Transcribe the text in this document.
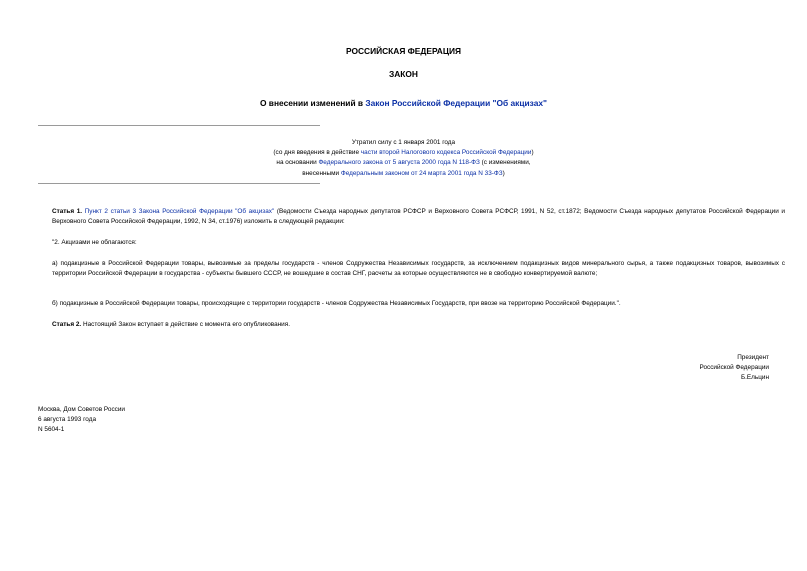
РОССИЙСКАЯ ФЕДЕРАЦИЯ
ЗАКОН
О внесении изменений в Закон Российской Федерации "Об акцизах"
Утратил силу с 1 января 2001 года
(со дня введения в действие части второй Налогового кодекса Российской Федерации)
на основании Федерального закона от 5 августа 2000 года N 118-ФЗ (с изменениями,
внесенными Федеральным законом от 24 марта 2001 года N 33-ФЗ)
Статья 1. Пункт 2 статьи 3 Закона Российской Федерации "Об акцизах" (Ведомости Съезда народных депутатов РСФСР и Верховного Совета РСФСР, 1991, N 52, ст.1872; Ведомости Съезда народных депутатов Российской Федерации и Верховного Совета Российской Федерации, 1992, N 34, ст.1976) изложить в следующей редакции:
"2. Акцизами не облагаются:
а) подакцизные в Российской Федерации товары, вывозимые за пределы государств - членов Содружества Независимых государств, за исключением подакцизных видов минерального сырья, а также подакцизных товаров, вывозимых с территории Российской Федерации в государства - субъекты бывшего СССР, не вошедшие в состав СНГ, расчеты за которые осуществляются не в свободно конвертируемой валюте;
б) подакцизные в Российской Федерации товары, происходящие с территории государств - членов Содружества Независимых Государств, при ввозе на территорию Российской Федерации.".
Статья 2. Настоящий Закон вступает в действие с момента его опубликования.
Президент
Российской Федерации
Б.Ельцин
Москва, Дом Советов России
6 августа 1993 года
N 5604-1
